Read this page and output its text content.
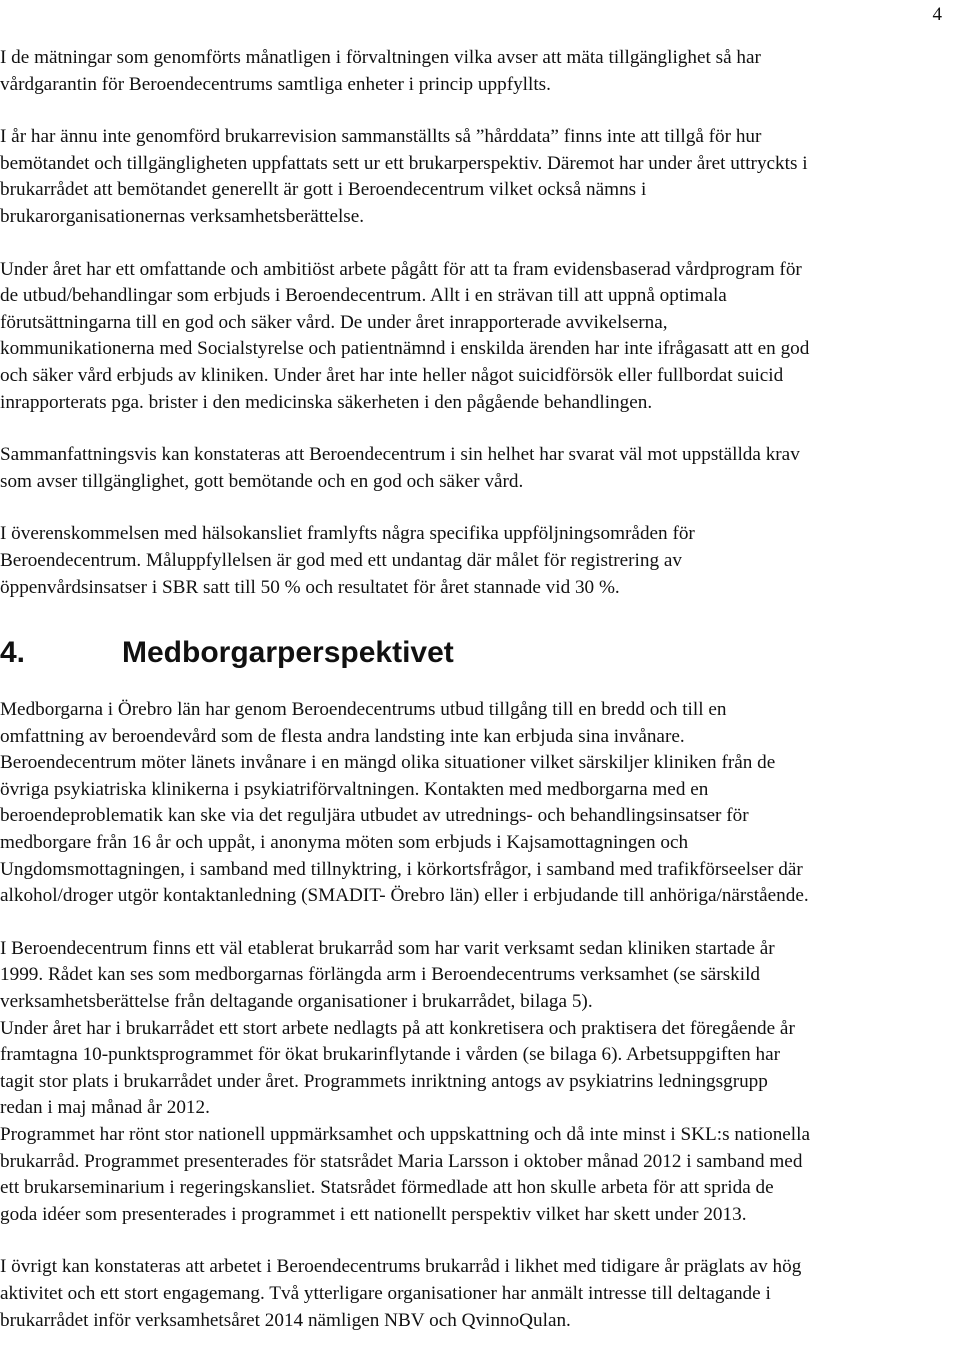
4
I de mätningar som genomförts månatligen i förvaltningen vilka avser att mäta tillgänglighet så har
vårdgarantin för Beroendecentrums samtliga enheter i princip uppfyllts.
I år har ännu inte genomförd brukarrevision sammanställts så ”hårddata” finns inte att tillgå för hur
bemötandet och tillgängligheten uppfattats sett ur ett brukarperspektiv. Däremot har under året uttryckts i
brukarrådet att bemötandet generellt är gott i Beroendecentrum vilket också nämns i
brukarorganisationernas verksamhetsberättelse.
Under året har ett omfattande och ambitiöst arbete pågått för att ta fram evidensbaserad vårdprogram för
de utbud/behandlingar som erbjuds i Beroendecentrum. Allt i en strävan till att uppnå optimala
förutsättningarna till en god och säker vård. De under året inrapporterade avvikelserna,
kommunikationerna med Socialstyrelse och patientnämnd i enskilda ärenden har inte ifrågasatt att en god
och säker vård erbjuds av kliniken. Under året har inte heller något suicidförsök eller fullbordat suicid
inrapporterats pga. brister i den medicinska säkerheten i den pågående behandlingen.
Sammanfattningsvis kan konstateras att Beroendecentrum i sin helhet har svarat väl mot uppställda krav
som avser tillgänglighet, gott bemötande och en god och säker vård.
I överenskommelsen med hälsokansliet framlyfts några specifika uppföljningsområden för
Beroendecentrum. Måluppfyllelsen är god med ett undantag där målet för registrering av
öppenvårdsinsatser i SBR satt till 50 % och resultatet för året stannade vid 30 %.
4.	Medborgarperspektivet
Medborgarna i Örebro län har genom Beroendecentrums utbud tillgång till en bredd och till en
omfattning av beroendevård som de flesta andra landsting inte kan erbjuda sina invånare.
Beroendecentrum möter länets invånare i en mängd olika situationer vilket särskiljer kliniken från de
övriga psykiatriska klinikerna i psykiatriförvaltningen. Kontakten med medborgarna med en
beroendeproblematik kan ske via det reguljära utbudet av utrednings- och behandlingsinsatser för
medborgare från 16 år och uppåt, i anonyma möten som erbjuds i Kajsamottagningen och
Ungdomsmottagningen, i samband med tillnyktring, i körkortsfrågor, i samband med trafikförseelser där
alkohol/droger utgör kontaktanledning (SMADIT- Örebro län) eller i erbjudande till anhöriga/närstående.
I Beroendecentrum finns ett väl etablerat brukarråd som har varit verksamt sedan kliniken startade år
1999. Rådet kan ses som medborgarnas förlängda arm i Beroendecentrums verksamhet (se särskild
verksamhetsberättelse från deltagande organisationer i brukarrådet, bilaga 5).
Under året har i brukarrådet ett stort arbete nedlagts på att konkretisera och praktisera det föregående år
framtagna 10-punktsprogrammet för ökat brukarinflytande i vården (se bilaga 6). Arbetsuppgiften har
tagit stor plats i brukarrådet under året. Programmets inriktning antogs av psykiatrins ledningsgrupp
redan i maj månad år 2012.
Programmet har rönt stor nationell uppmärksamhet och uppskattning och då inte minst i SKL:s nationella
brukarråd. Programmet presenterades för statsrådet Maria Larsson i oktober månad 2012 i samband med
ett brukarseminarium i regeringskansliet. Statsrådet förmedlade att hon skulle arbeta för att sprida de
goda idéer som presenterades i programmet i ett nationellt perspektiv vilket har skett under 2013.
I övrigt kan konstateras att arbetet i Beroendecentrums brukarråd i likhet med tidigare år präglats av hög
aktivitet och ett stort engagemang. Två ytterligare organisationer har anmält intresse till deltagande i
brukarrådet inför verksamhetsåret 2014 nämligen NBV och QvinnoQulan.
